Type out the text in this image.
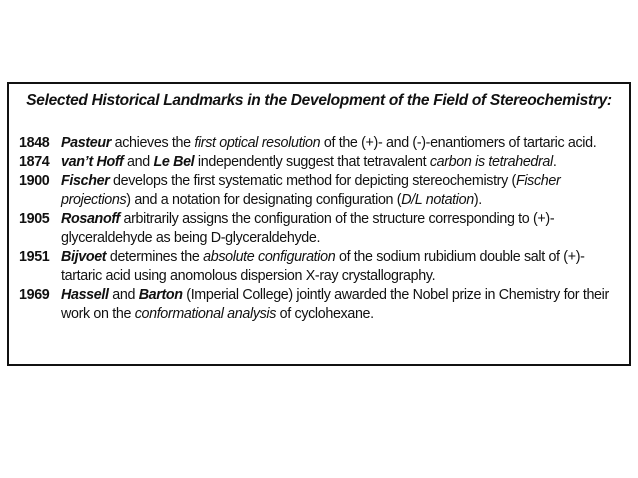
Selected Historical Landmarks in the Development of the Field of Stereochemistry:
1848 Pasteur achieves the first optical resolution of the (+)- and (-)-enantiomers of tartaric acid.
1874 van’t Hoff and Le Bel independently suggest that tetravalent carbon is tetrahedral.
1900 Fischer develops the first systematic method for depicting stereochemistry (Fischer
projections) and a notation for designating configuration (D/L notation).
1905 Rosanoff arbitrarily assigns the configuration of the structure corresponding to (+)-
glyceraldehyde as being D-glyceraldehyde.
1951 Bijvoet determines the absolute configuration of the sodium rubidium double salt of (+)-
tartaric acid using anomolous dispersion X-ray crystallography.
1969 Hassell and Barton (Imperial College) jointly awarded the Nobel prize in Chemistry for their
work on the conformational analysis of cyclohexane.
